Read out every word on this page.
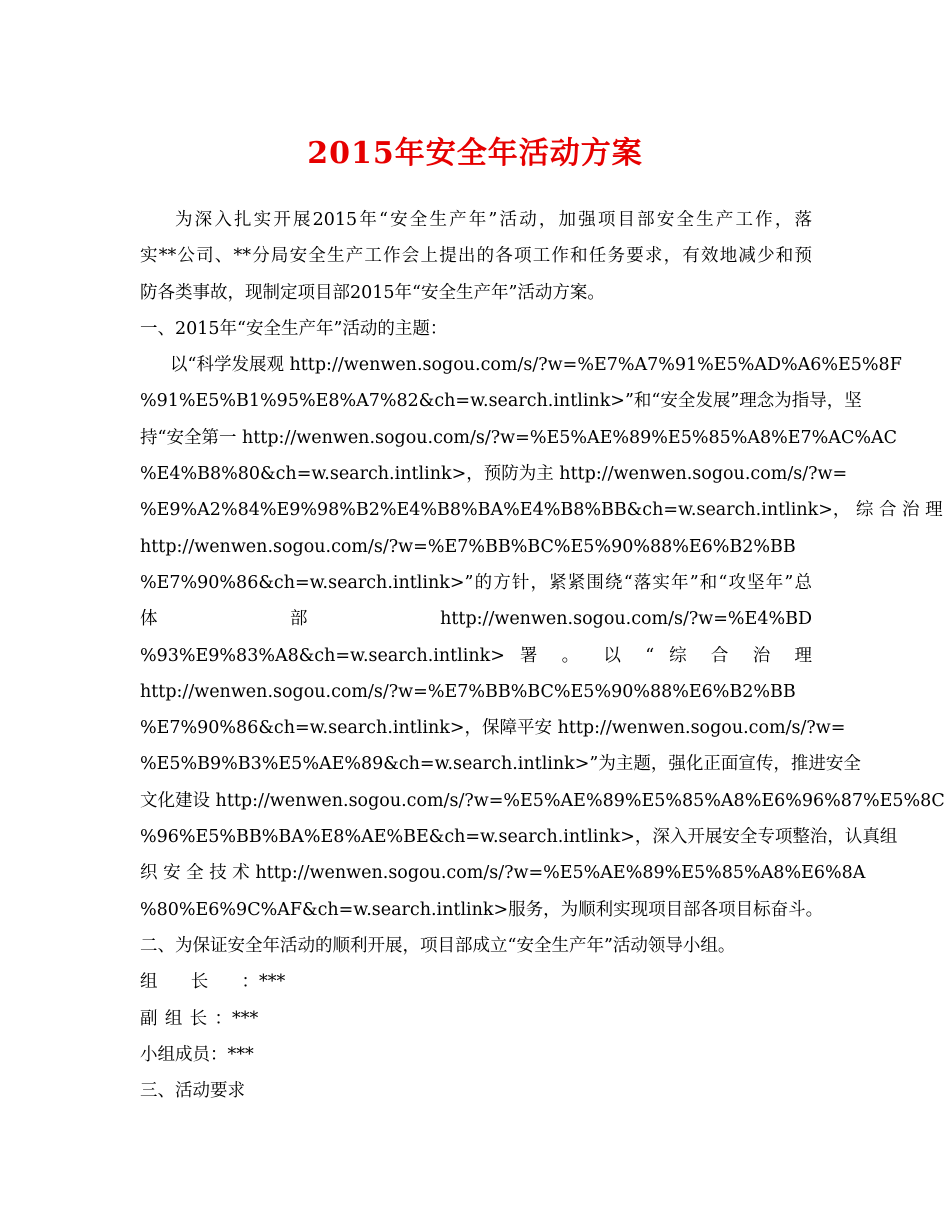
2015年安全年活动方案
为深入扎实开展2015年“安全生产年”活动，加强项目部安全生产工作，落
实**公司、**分局安全生产工作会上提出的各项工作和任务要求，有效地减少和预
防各类事故，现制定项目部2015年“安全生产年”活动方案。
一、2015年“安全生产年”活动的主题：
以“科学发展观 http://wenwen.sogou.com/s/?w=%E7%A7%91%E5%AD%A6%E5%8F
%91%E5%B1%95%E8%A7%82&ch=w.search.intlink>”和“安全发展”理念为指导，坚
持“安全第一 http://wenwen.sogou.com/s/?w=%E5%AE%89%E5%85%A8%E7%AC%AC
%E4%B8%80&ch=w.search.intlink>，预防为主 http://wenwen.sogou.com/s/?w=
%E9%A2%84%E9%98%B2%E4%B8%BA%E4%B8%BB&ch=w.search.intlink>， 综 合 治 理
http://wenwen.sogou.com/s/?w=%E7%BB%BC%E5%90%88%E6%B2%BB
%E7%90%86&ch=w.search.intlink>”的方针，紧紧围绕“落实年”和“攻坚年”总
体 部 http://wenwen.sogou.com/s/?w=%E4%BD
%93%E9%83%A8&ch=w.search.intlink> 署 。 以 “ 综 合 治 理
http://wenwen.sogou.com/s/?w=%E7%BB%BC%E5%90%88%E6%B2%BB
%E7%90%86&ch=w.search.intlink>，保障平安 http://wenwen.sogou.com/s/?w=
%E5%B9%B3%E5%AE%89&ch=w.search.intlink>”为主题，强化正面宣传，推进安全
文化建设 http://wenwen.sogou.com/s/?w=%E5%AE%89%E5%85%A8%E6%96%87%E5%8C
%96%E5%BB%BA%E8%AE%BE&ch=w.search.intlink>，深入开展安全专项整治，认真组
织 安 全 技 术 http://wenwen.sogou.com/s/?w=%E5%AE%89%E5%85%A8%E6%8A
%80%E6%9C%AF&ch=w.search.intlink>服务，为顺利实现项目部各项目标奋斗。
二、为保证安全年活动的顺利开展，项目部成立“安全生产年”活动领导小组。
组长：***
副组长：***
小组成员：***
三、活动要求
